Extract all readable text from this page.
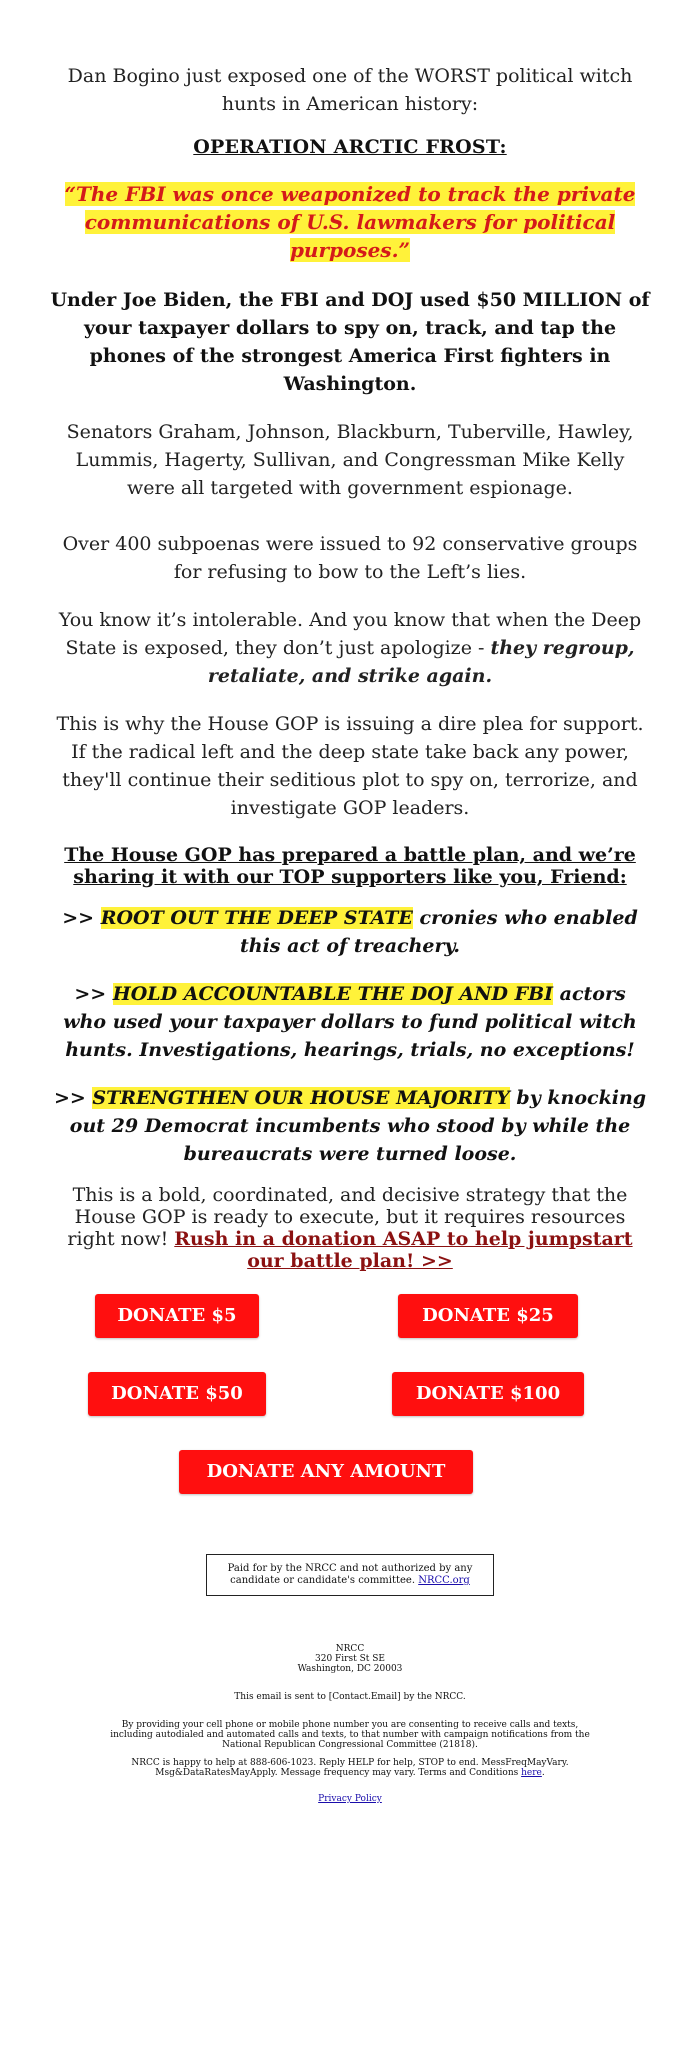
Dan Bogino just exposed one of the WORST political witch hunts in American history:

OPERATION ARCTIC FROST:

“The FBI was once weaponized to track the private communications of U.S. lawmakers for political purposes.”

Under Joe Biden, the FBI and DOJ used $50 MILLION of your taxpayer dollars to spy on, track, and tap the phones of the strongest America First fighters in Washington.

Senators Graham, Johnson, Blackburn, Tuberville, Hawley, Lummis, Hagerty, Sullivan, and Congressman Mike Kelly were all targeted with government espionage.

Over 400 subpoenas were issued to 92 conservative groups for refusing to bow to the Left’s lies.

You know it’s intolerable. And you know that when the Deep State is exposed, they don’t just apologize - they regroup, retaliate, and strike again.

This is why the House GOP is issuing a dire plea for support. If the radical left and the deep state take back any power, they'll continue their seditious plot to spy on, terrorize, and investigate GOP leaders.

The House GOP has prepared a battle plan, and we’re sharing it with our TOP supporters like you, Friend:

>> ROOT OUT THE DEEP STATE cronies who enabled this act of treachery.

>> HOLD ACCOUNTABLE THE DOJ AND FBI actors who used your taxpayer dollars to fund political witch hunts. Investigations, hearings, trials, no exceptions!

>> STRENGTHEN OUR HOUSE MAJORITY by knocking out 29 Democrat incumbents who stood by while the bureaucrats were turned loose.

This is a bold, coordinated, and decisive strategy that the House GOP is ready to execute, but it requires resources right now! Rush in a donation ASAP to help jumpstart our battle plan! >>
DONATE $5	DONATE $25
DONATE $50	DONATE $100
DONATE ANY AMOUNT
Paid for by the NRCC and not authorized by any candidate or candidate's committee. NRCC.org
NRCC
320 First St SE
Washington, DC 20003
This email is sent to [Contact.Email] by the NRCC.
By providing your cell phone or mobile phone number you are consenting to receive calls and texts, including autodialed and automated calls and texts, to that number with campaign notifications from the National Republican Congressional Committee (21818).
NRCC is happy to help at 888-606-1023. Reply HELP for help, STOP to end. MessFreqMayVary. Msg&DataRatesMayApply. Message frequency may vary. Terms and Conditions here.
Privacy Policy
